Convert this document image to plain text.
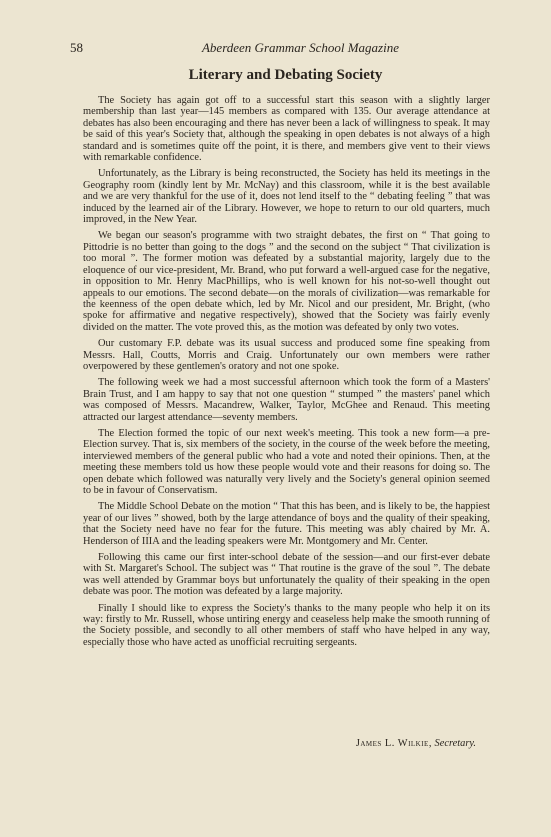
58	Aberdeen Grammar School Magazine
Literary and Debating Society

The Society has again got off to a successful start this season with a slightly larger membership than last year—145 members as compared with 135. Our average attendance at debates has also been encouraging and there has never been a lack of willingness to speak. It may be said of this year's Society that, although the speaking in open debates is not always of a high standard and is sometimes quite off the point, it is there, and members give vent to their views with remarkable confidence.

Unfortunately, as the Library is being reconstructed, the Society has held its meetings in the Geography room (kindly lent by Mr. McNay) and this classroom, while it is the best available and we are very thankful for the use of it, does not lend itself to the “ debating feeling ” that was induced by the learned air of the Library. However, we hope to return to our old quarters, much improved, in the New Year.

We began our season's programme with two straight debates, the first on “ That going to Pittodrie is no better than going to the dogs ” and the second on the subject “ That civilization is too moral ”. The former motion was defeated by a substantial majority, largely due to the eloquence of our vice-president, Mr. Brand, who put forward a well-argued case for the negative, in opposition to Mr. Henry MacPhillips, who is well known for his not-so-well thought out appeals to our emotions. The second debate—on the morals of civilization—was remarkable for the keenness of the open debate which, led by Mr. Nicol and our president, Mr. Bright, (who spoke for affirmative and negative respectively), showed that the Society was fairly evenly divided on the matter. The vote proved this, as the motion was defeated by only two votes.

Our customary F.P. debate was its usual success and produced some fine speaking from Messrs. Hall, Coutts, Morris and Craig. Unfortunately our own members were rather overpowered by these gentlemen's oratory and not one spoke.

The following week we had a most successful afternoon which took the form of a Masters' Brain Trust, and I am happy to say that not one question “ stumped ” the masters' panel which was composed of Messrs. Macandrew, Walker, Taylor, McGhee and Renaud. This meeting attracted our largest attendance—seventy members.

The Election formed the topic of our next week's meeting. This took a new form—a pre-Election survey. That is, six members of the society, in the course of the week before the meeting, interviewed members of the general public who had a vote and noted their opinions. Then, at the meeting these members told us how these people would vote and their reasons for doing so. The open debate which followed was naturally very lively and the Society's general opinion seemed to be in favour of Conservatism.

The Middle School Debate on the motion “ That this has been, and is likely to be, the happiest year of our lives ” showed, both by the large attendance of boys and the quality of their speaking, that the Society need have no fear for the future. This meeting was ably chaired by Mr. A. Henderson of IIIA and the leading speakers were Mr. Montgomery and Mr. Center.

Following this came our first inter-school debate of the session—and our first-ever debate with St. Margaret's School. The subject was “ That routine is the grave of the soul ”. The debate was well attended by Grammar boys but unfortunately the quality of their speaking in the open debate was poor. The motion was defeated by a large majority.

Finally I should like to express the Society's thanks to the many people who help it on its way: firstly to Mr. Russell, whose untiring energy and ceaseless help make the smooth running of the Society possible, and secondly to all other members of staff who have helped in any way, especially those who have acted as unofficial recruiting sergeants.

James L. Wilkie, Secretary.
